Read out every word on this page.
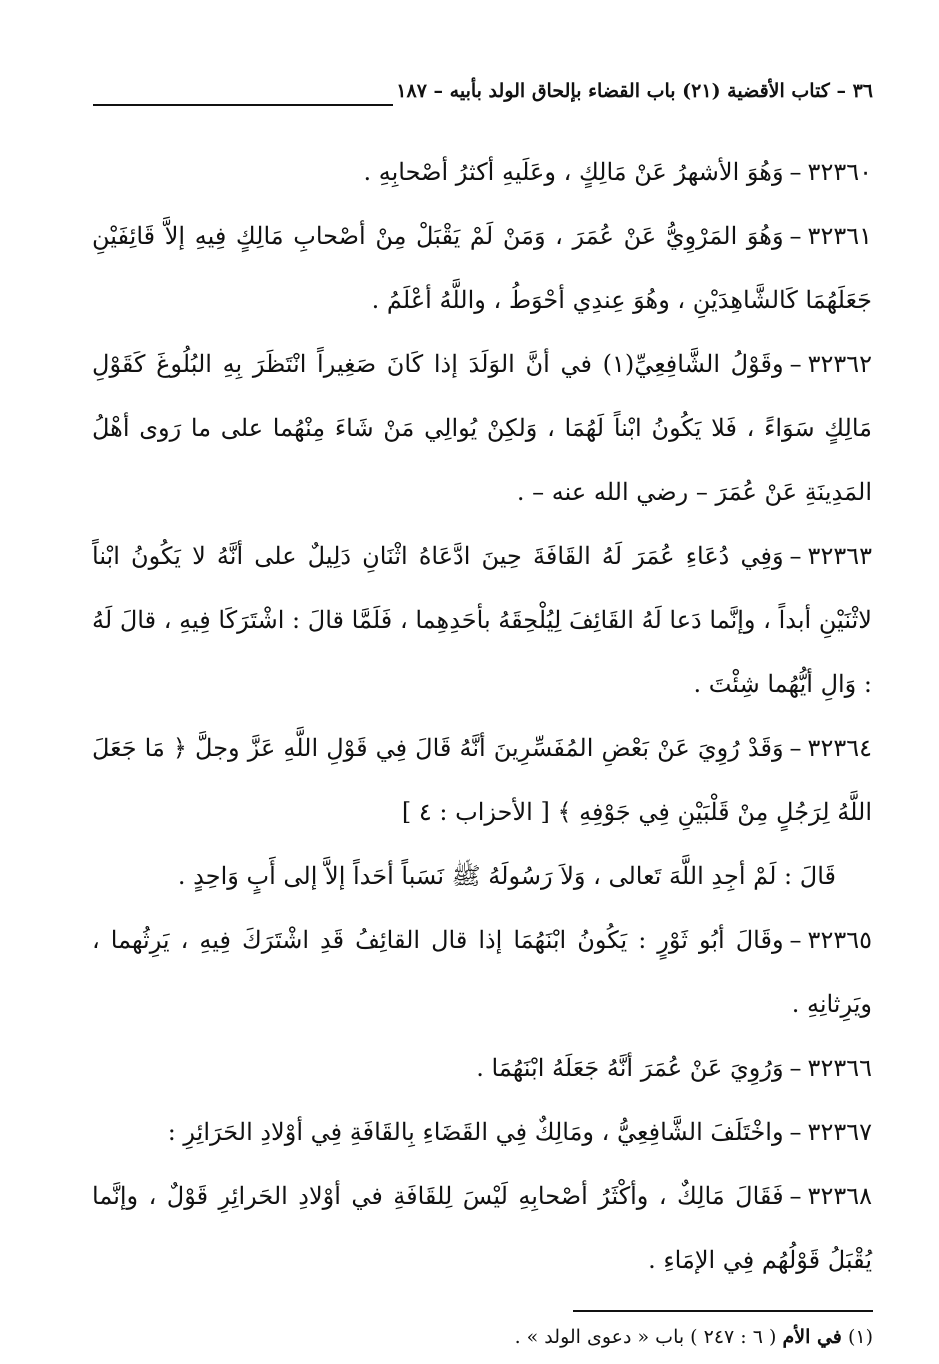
٣٦ – كتاب الأقضية (٢١) باب القضاء بإلحاق الولد بأبيه – ١٨٧

٣٢٣٦٠–وَهُوَ الأشهرُ عَنْ مَالِكٍ ، وعَلَيهِ أكثرُ أصْحابِهِ .

٣٢٣٦١–وَهُوَ المَرْوِيُّ عَنْ عُمَرَ ، وَمَنْ لَمْ يَقْبَلْ مِنْ أصْحابِ مَالِكٍ فِيهِ إلاَّ قَائِفَيْنِ جَعَلَهُمَا كَالشَّاهِدَيْنِ ، وهُوَ عِندِي أحْوَطُ ، واللَّهُ أعْلَمُ .

٣٢٣٦٢–وقَوْلُ الشَّافِعِيِّ(١) في أنَّ الوَلَدَ إذا كَانَ صَغِيراً انْتَظَرَ بِهِ البُلُوغَ كَقَوْلِ مَالِكٍ سَوَاءً ، فَلا يَكُونُ ابْناً لَهُمَا ، وَلكِنْ يُوالِي مَنْ شَاءَ مِنْهُما على ما رَوى أهْلُ المَدِينَةِ عَنْ عُمَرَ – رضي الله عنه – .

٣٢٣٦٣–وَفِي دُعَاءِ عُمَرَ لَهُ القَافَةَ حِينَ ادَّعَاهُ اثْنَانِ دَلِيلٌ على أنَّهُ لا يَكُونُ ابْناً لاثْنَيْنِ أبداً ، وإنَّما دَعا لَهُ القَائِفَ لِيُلْحِقَهُ بأحَدِهِما ، فَلَمَّا قالَ : اشْتَرَكَا فِيهِ ، قالَ لَهُ : وَالِ أيُّهُما شِئْتَ .

٣٢٣٦٤–وَقَدْ رُوِيَ عَنْ بَعْضِ المُفَسِّرِينَ أنَّهُ قَالَ فِي قَوْلِ اللَّهِ عَزَّ وجلَّ ﴿ مَا جَعَلَ اللَّهُ لِرَجُلٍ مِنْ قَلْبَيْنِ فِي جَوْفِهِ ﴾ [ الأحزاب : ٤ ]

قَالَ : لَمْ أجِدِ اللَّهَ تَعالى ، وَلاَ رَسُولَهُ ﷺ نَسَباً أحَداً إلاَّ إلى أَبٍ وَاحِدٍ .

٣٢٣٦٥–وقَالَ أبُو ثَوْرٍ : يَكُونُ ابْنَهُمَا إذا قال القائِفُ قَدِ اشْتَرَكَ فِيهِ ، يَرِثُهما ، ويَرِثانِهِ .

٣٢٣٦٦–وَرُوِيَ عَنْ عُمَرَ أنَّهُ جَعَلَهُ ابْنَهُمَا .

٣٢٣٦٧–واخْتَلَفَ الشَّافِعِيُّ ، ومَالِكٌ فِي القَضَاءِ بِالقَافَةِ فِي أوْلادِ الحَرَائِرِ :

٣٢٣٦٨–فَقَالَ مَالِكٌ ، وأكْثَرُ أصْحابِهِ لَيْسَ لِلقَافَةِ في أوْلادِ الحَرائِرِ قَوْلٌ ، وإنَّما يُقْبَلُ قَوْلُهُم فِي الإمَاءِ .

(١) في الأم ( ٦ : ٢٤٧ ) باب « دعوى الولد » .
